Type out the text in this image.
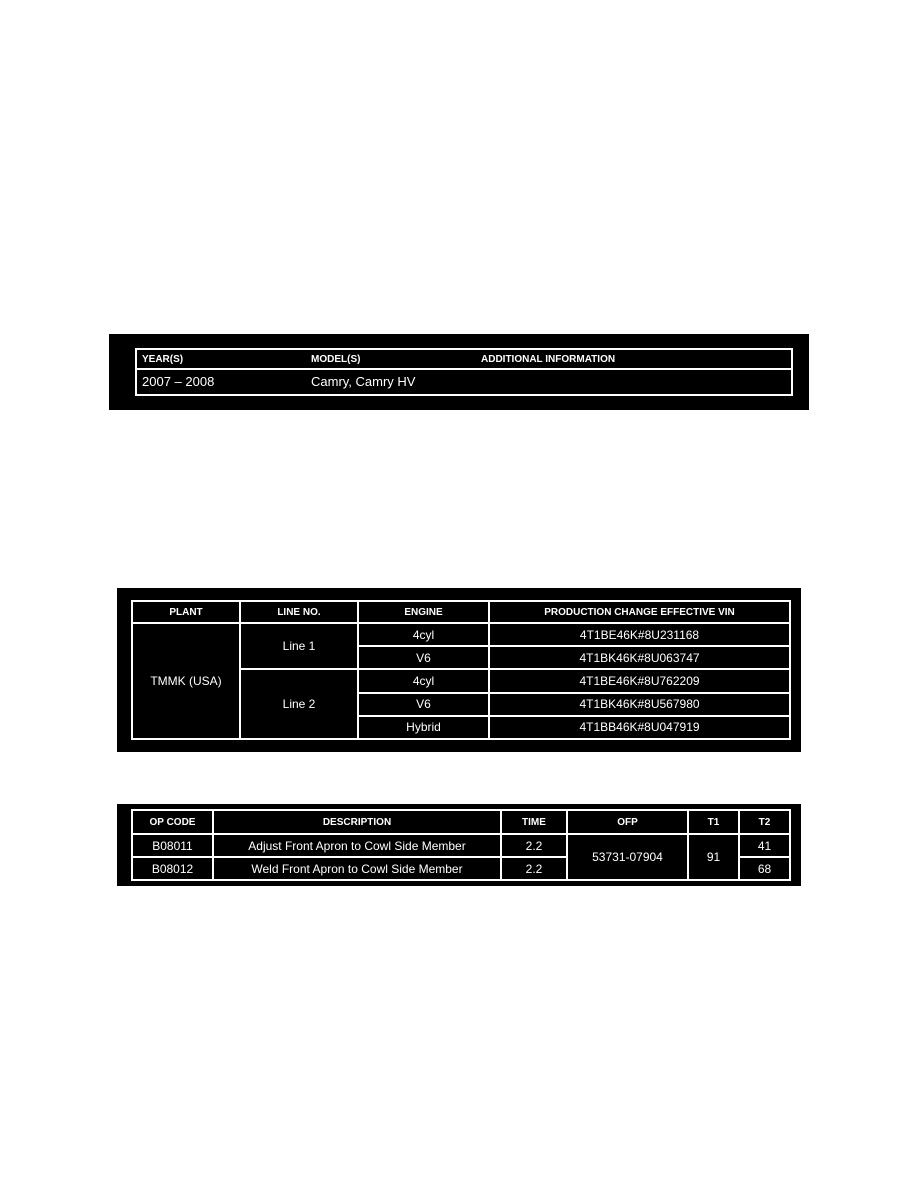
YEAR(S)	MODEL(S)	ADDITIONAL INFORMATION
2007 – 2008	Camry, Camry HV	
PLANT	LINE NO.	ENGINE	PRODUCTION CHANGE EFFECTIVE VIN
TMMK (USA)	Line 1	4cyl	4T1BE46K#8U231168
		V6	4T1BK46K#8U063747
	Line 2	4cyl	4T1BE46K#8U762209
		V6	4T1BK46K#8U567980
		Hybrid	4T1BB46K#8U047919
OP CODE	DESCRIPTION	TIME	OFP	T1	T2
B08011	Adjust Front Apron to Cowl Side Member	2.2	53731-07904	91	41
B08012	Weld Front Apron to Cowl Side Member	2.2			68
